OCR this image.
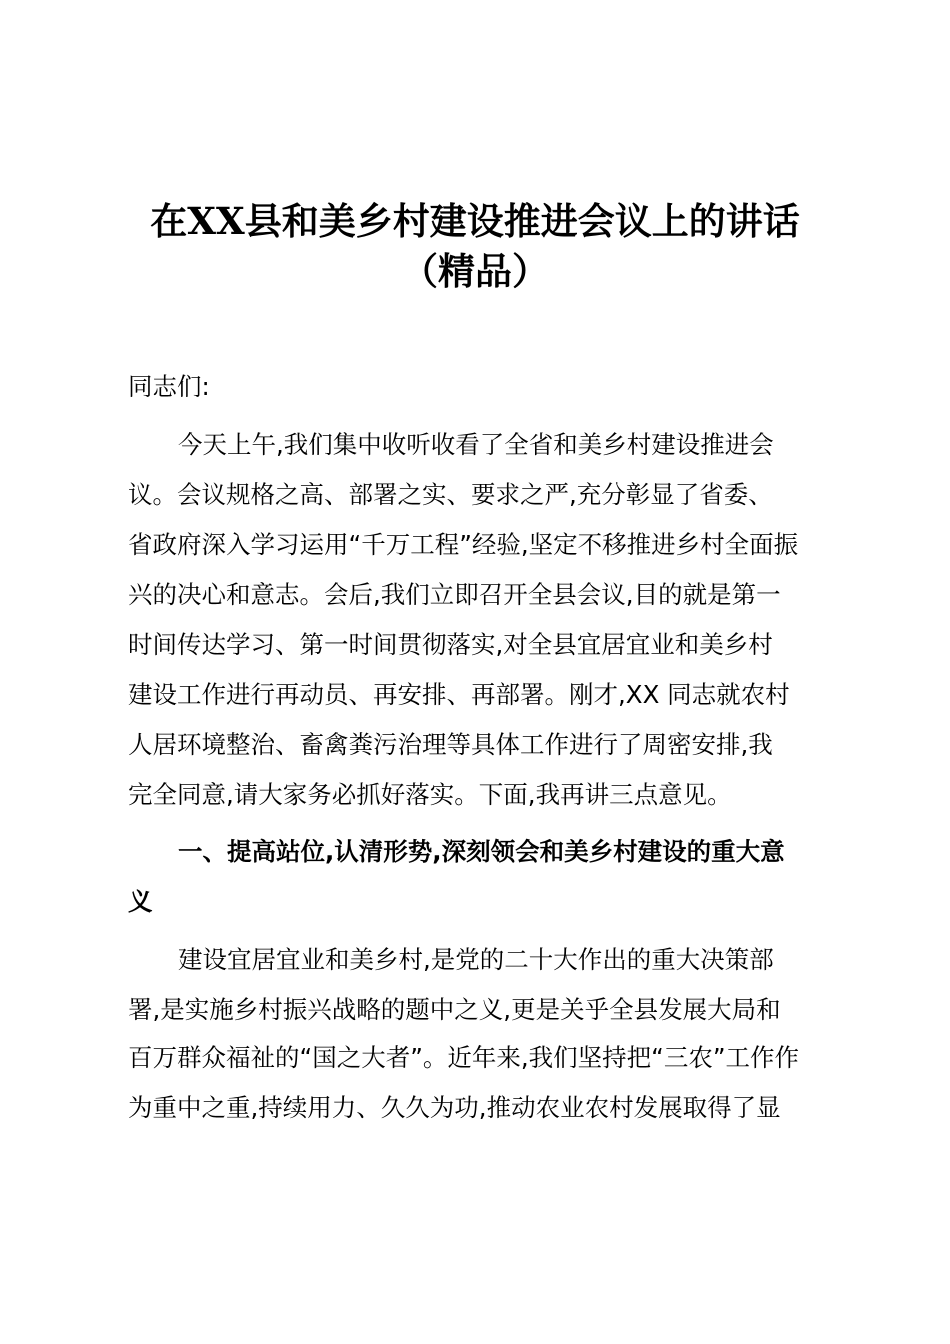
在XX县和美乡村建设推进会议上的讲话
（精品）

同志们:

今天上午,我们集中收听收看了全省和美乡村建设推进会

议。会议规格之高、部署之实、要求之严,充分彰显了省委、

省政府深入学习运用“千万工程”经验,坚定不移推进乡村全面振

兴的决心和意志。会后,我们立即召开全县会议,目的就是第一

时间传达学习、第一时间贯彻落实,对全县宜居宜业和美乡村

建设工作进行再动员、再安排、再部署。刚才,XX 同志就农村

人居环境整治、畜禽粪污治理等具体工作进行了周密安排,我

完全同意,请大家务必抓好落实。下面,我再讲三点意见。

一、提高站位,认清形势,深刻领会和美乡村建设的重大意

义

建设宜居宜业和美乡村,是党的二十大作出的重大决策部

署,是实施乡村振兴战略的题中之义,更是关乎全县发展大局和

百万群众福祉的“国之大者”。近年来,我们坚持把“三农”工作作

为重中之重,持续用力、久久为功,推动农业农村发展取得了显
